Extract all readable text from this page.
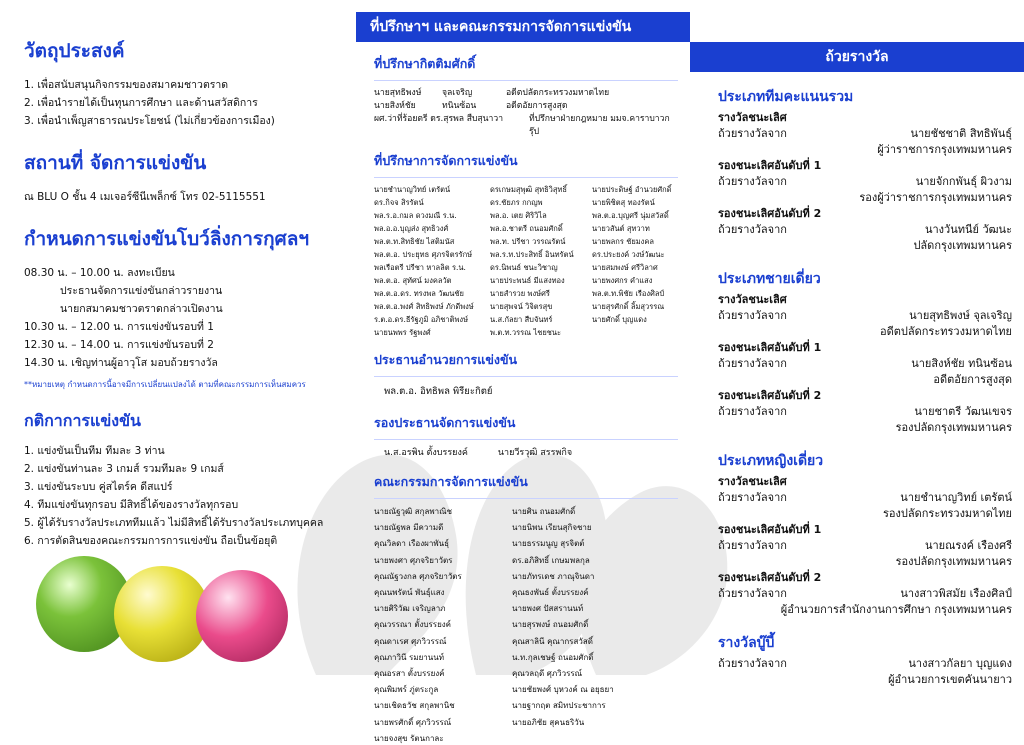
วัตถุประสงค์
1. เพื่อสนับสนุนกิจกรรมของสมาคมชาวตราด
2. เพื่อนำรายได้เป็นทุนการศึกษา และด้านสวัสดิการ
3. เพื่อนำเพ็ญสาธารณประโยชน์ (ไม่เกี่ยวข้องการเมือง)
สถานที่ จัดการแข่งขัน
ณ BLU O ชั้น 4 เมเจอร์ซีนีเพล็กซ์ โทร 02-5115551
กำหนดการแข่งขันโบว์ลิ่งการกุศลฯ
08.30 น. – 10.00 น. ลงทะเบียน
ประธานจัดการแข่งขันกล่าวรายงาน
นายกสมาคมชาวตราดกล่าวเปิดงาน
10.30 น. – 12.00 น. การแข่งขันรอบที่ 1
12.30 น. – 14.00 น. การแข่งขันรอบที่ 2
14.30 น. เชิญท่านผู้อาวุโส มอบถ้วยรางวัล
**หมายเหตุ กำหนดการนี้อาจมีการเปลี่ยนแปลงได้ ตามที่คณะกรรมการเห็นสมควร
กติกาการแข่งขัน
1. แข่งขันเป็นทีม ทีมละ 3 ท่าน
2. แข่งขันท่านละ 3 เกมส์ รวมทีมละ 9 เกมส์
3. แข่งขันระบบ คู่สไตร์ค ดีสแปร์
4. ทีมแข่งขันทุกรอบ มีสิทธิ์ได้ของรางวัลทุกรอบ
5. ผู้ได้รับรางวัลประเภททีมแล้ว ไม่มีสิทธิ์ได้รับรางวัลประเภทบุคคล
6. การตัดสินของคณะกรรมการการแข่งขัน ถือเป็นข้อยุติ
ที่ปรึกษาฯ และคณะกรรมการจัดการแข่งขัน
ที่ปรึกษากิตติมศักดิ์
นายสุทธิพงษ์	จุลเจริญ	อดีตปลัดกระทรวงมหาดไทย
นายสิงห์ชัย	ทนินซ้อน	อดีตอัยการสูงสุด
ผศ.ว่าที่ร้อยตรี ดร.สุรพล สืบสุนาวา	ที่ปรึกษาฝ่ายกฎหมาย มมจ.คาราบาวกรุ๊ป
ที่ปรึกษาการจัดการแข่งขัน
นายชำนาญวิทย์ เตรัตน์	ดรเกษมสุพุฒิ สุทธิวิสุทธิ์	นายประดิษฐ์ อำนวยศักดิ์
ดร.กิจจ สิรรัตน์	ดร.ชัยภร กกญพ	นายพิชิตสุ ทองรัตน์
พล.ร.อ.กมล ดวงมณี ร.น.	พล.อ. เตย ศิริวิไล	พล.ต.อ.บุญศรี นุ่มสวัสดิ์
พล.อ.อ.บุญส่ง สุทธิวงศ์	พล.อ.ชาตรี ถนอมศักดิ์	นายวสันต์ สุทวาท
พล.ต.ท.สิทธิชัย ไสติมนัส	พล.ท. ปรีชา วรรณรัตน์	นายพลกร ชัยมงคล
พล.ต.อ. ประยุทธ ศุภรจิตรรักษ์	พล.ร.ท.ประสิทธิ์ อินทรัตน์	ดร.ประยงค์ วงษ์วัฒนะ
พลเรือตรี ปรีชา หาลลิต ร.น.	ดร.นิพนธ์ ชนะวิชาญ	นายสมพงษ์ ศรีวิลาศ
พล.ต.อ. สุทัศน์ มงคลวัต	นายประพนธ์ มีแสงทอง	นายพงศกร คำแสง
พล.ต.อ.ดร. ทรงพล วัฒนชัย	นายสำรวย พงษ์ศรี	พล.ต.ท.พิชัย เรืองศิลป์
พล.ต.อ.พงศ์ สิทธิพงษ์ ภักดีพงษ์	นายสุพจน์ วิจิตรสุข	นายสุรศักดิ์ ลิ้มสุวรรณ
ร.ต.อ.ดร.ธีรัฐภูมิ อภิชาติพงษ์	น.ส.กัลยา สืบจันทร์	นายศักดิ์ บุญแดง
นายนพพร รัฐพงศ์	พ.ต.ท.วรรณ ไชยชนะ
ประธานอำนวยการแข่งขัน
พล.ต.อ. อิทธิพล พิรียะกิตย์
รองประธานจัดการแข่งขัน
น.ส.อรพิน ตั้งบรรยงค์	นายวีรวุฒิ สรรพกิจ
คณะกรรมการจัดการแข่งขัน
นายณัฐวุฒิ สกุลพาณิช	นายศิน ถนอมศักดิ์
นายณัฐพล มีความดี	นายนิพน เรียนสุกิจชาย
คุณวิลดา เรืองผาพันธุ์	นายธรรมนูญ สุรจิตต์
นายพงศา ศุภจริยาวัตร	ดร.อภิสิทธิ์ เกษมพลกุล
คุณณัฐวงกล ศุภจริยาวัตร	นายภัทรเดช ภาณุจินดา
คุณนพรัตน์ พันธุ์แสง	คุณธงพันธ์ ตั้งบรรยงค์
นายศิริวัฒ เจริญลาภ	นายพงศ ปัสสรานนท์
คุณวรรณา ตั้งบรรยงค์	นายสุรพงษ์ ถนอมศักดิ์
คุณดาเรศ ศุภวิวรรณ์	คุณสาลินี คุณากรสวัสดิ์
คุณภาวินี รมยานนท์	น.ท.กุลเชษฐ์ ถนอมศักดิ์
คุณอรสา ตั้งบรรยงค์	คุณวลฤดี ศุภวิวรรณ์
คุณพิมพร์ ภู่ตระกูล	นายชัยพงศ์ บุหวงค์ ณ อยุธยา
นายเชิดธวัช สกุลพานิช	นายฐากฤต สมิทประชาการ
นายพรศักดิ์ ศุภวิวรรณ์	นายอภิชัย สุคนธริวัน
นายจงสุข รัตนกาละ
ถ้วยรางวัล
ประเภททีมคะแนนรวม
รางวัลชนะเลิศ
ถ้วยรางวัลจาก	นายชัชชาติ สิทธิพันธุ์
ผู้ว่าราชการกรุงเทพมหานคร
รองชนะเลิศอันดับที่ 1
ถ้วยรางวัลจาก	นายจักกพันธุ์ ผิวงาม
รองผู้ว่าราชการกรุงเทพมหานคร
รองชนะเลิศอันดับที่ 2
ถ้วยรางวัลจาก	นางวันทนีย์ วัฒนะ
ปลัดกรุงเทพมหานคร
ประเภทชายเดี่ยว
รางวัลชนะเลิศ
ถ้วยรางวัลจาก	นายสุทธิพงษ์ จุลเจริญ
อดีตปลัดกระทรวงมหาดไทย
รองชนะเลิศอันดับที่ 1
ถ้วยรางวัลจาก	นายสิงห์ชัย ทนินซ้อน
อดีตอัยการสูงสุด
รองชนะเลิศอันดับที่ 2
ถ้วยรางวัลจาก	นายชาตรี วัฒนเขจร
รองปลัดกรุงเทพมหานคร
ประเภทหญิงเดี่ยว
รางวัลชนะเลิศ
ถ้วยรางวัลจาก	นายชำนาญวิทย์ เตรัตน์
รองปลัดกระทรวงมหาดไทย
รองชนะเลิศอันดับที่ 1
ถ้วยรางวัลจาก	นายณรงค์ เรืองศรี
รองปลัดกรุงเทพมหานคร
รองชนะเลิศอันดับที่ 2
ถ้วยรางวัลจาก	นางสาวพิสมัย เรืองศิลป์
ผู้อำนวยการสำนักงานการศึกษา กรุงเทพมหานคร
รางวัลบู๊บี้
ถ้วยรางวัลจาก	นางสาวกัลยา บุญแดง
ผู้อำนวยการเขตคันนายาว
